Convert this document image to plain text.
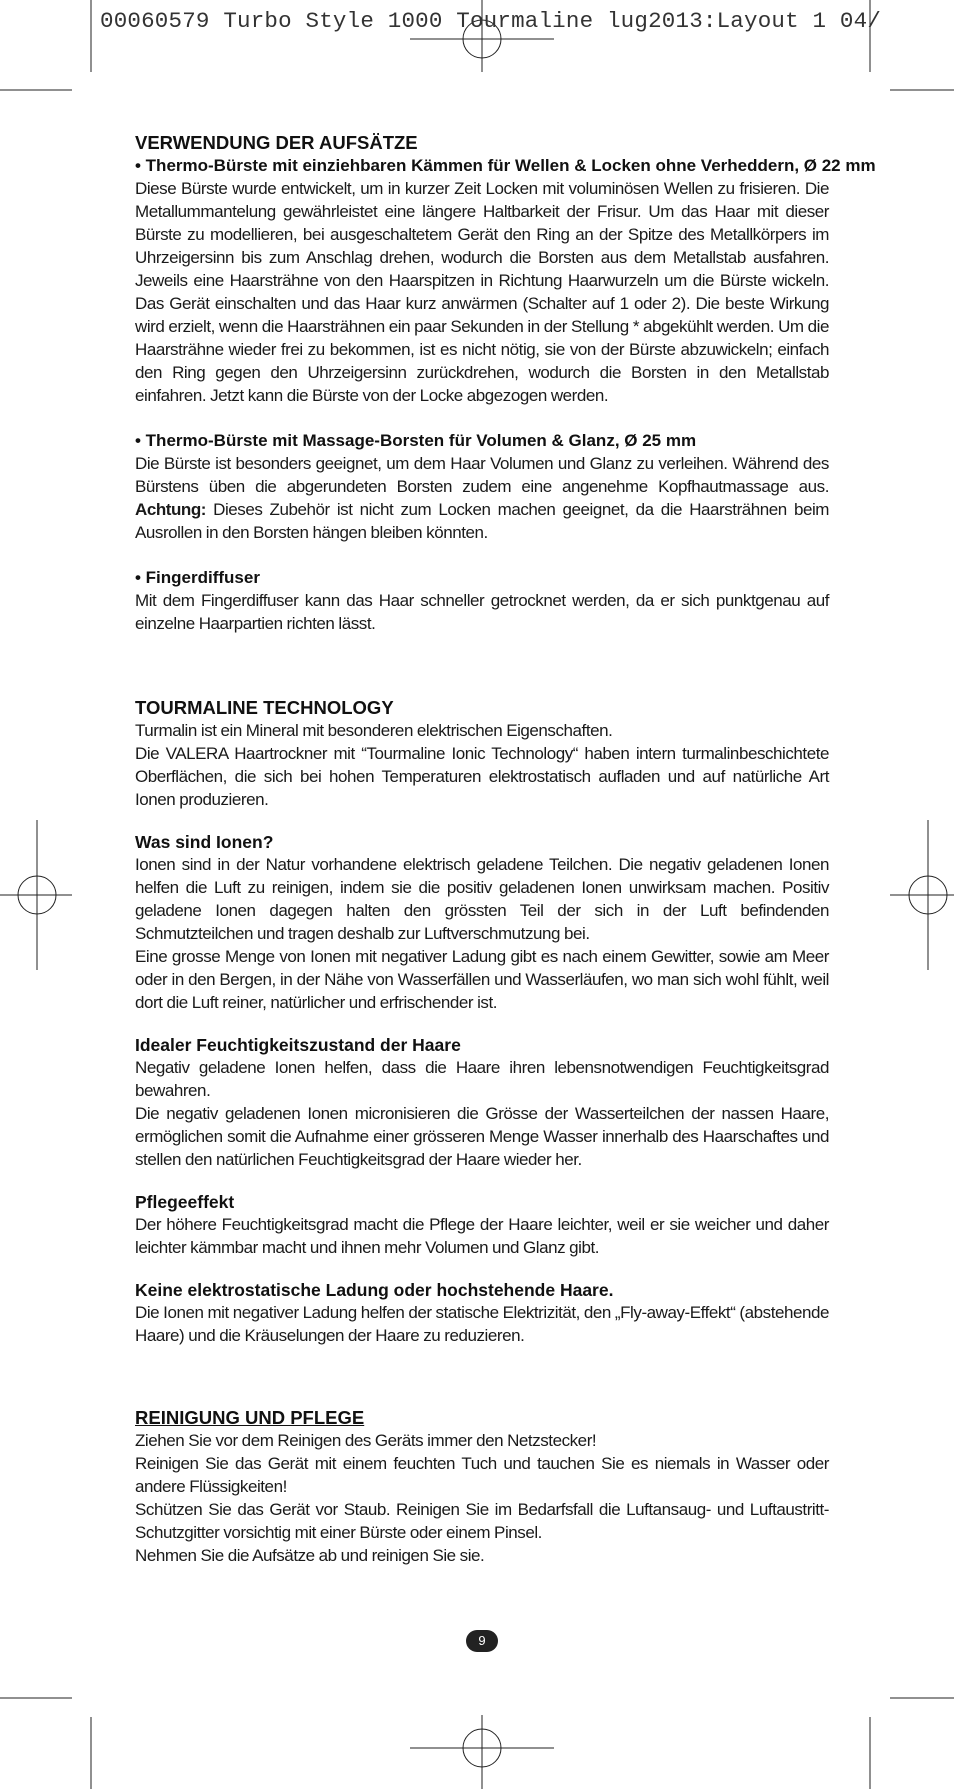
00060579 Turbo Style 1000 Tourmaline lug2013:Layout 1 04/
VERWENDUNG DER AUFSÄTZE
• Thermo-Bürste mit einziehbaren Kämmen für Wellen & Locken ohne Verheddern, Ø 22 mm

Diese Bürste wurde entwickelt, um in kurzer Zeit Locken mit voluminösen Wellen zu frisieren. Die Metallummantelung gewährleistet eine längere Haltbarkeit der Frisur. Um das Haar mit dieser Bürste zu modellieren, bei ausgeschaltetem Gerät den Ring an der Spitze des Metallkörpers im Uhrzeigersinn bis zum Anschlag drehen, wodurch die Borsten aus dem Metallstab ausfahren. Jeweils eine Haarsträhne von den Haarspitzen in Richtung Haarwurzeln um die Bürste wickeln. Das Gerät einschalten und das Haar kurz anwärmen (Schalter auf 1 oder 2). Die beste Wirkung wird erzielt, wenn die Haarsträhnen ein paar Sekunden in der Stellung * abgekühlt werden. Um die Haarsträhne wieder frei zu bekommen, ist es nicht nötig, sie von der Bürste abzuwickeln; einfach den Ring gegen den Uhrzeigersinn zurückdrehen, wodurch die Borsten in den Metallstab einfahren. Jetzt kann die Bürste von der Locke abgezogen werden.

• Thermo-Bürste mit Massage-Borsten für Volumen & Glanz, Ø 25 mm

Die Bürste ist besonders geeignet, um dem Haar Volumen und Glanz zu verleihen. Während des Bürstens üben die abgerundeten Borsten zudem eine angenehme Kopfhautmassage aus. Achtung: Dieses Zubehör ist nicht zum Locken machen geeignet, da die Haarsträhnen beim Ausrollen in den Borsten hängen bleiben könnten.

• Fingerdiffuser

Mit dem Fingerdiffuser kann das Haar schneller getrocknet werden, da er sich punktgenau auf einzelne Haarpartien richten lässt.

TOURMALINE TECHNOLOGY

Turmalin ist ein Mineral mit besonderen elektrischen Eigenschaften.

Die VALERA Haartrockner mit “Tourmaline Ionic Technology“ haben intern turmalinbeschichtete Oberflächen, die sich bei hohen Temperaturen elektrostatisch aufladen und auf natürliche Art Ionen produzieren.

Was sind Ionen?

Ionen sind in der Natur vorhandene elektrisch geladene Teilchen. Die negativ geladenen Ionen helfen die Luft zu reinigen, indem sie die positiv geladenen Ionen unwirksam machen. Positiv geladene Ionen dagegen halten den grössten Teil der sich in der Luft befindenden Schmutzteilchen und tragen deshalb zur Luftverschmutzung bei.

Eine grosse Menge von Ionen mit negativer Ladung gibt es nach einem Gewitter, sowie am Meer oder in den Bergen, in der Nähe von Wasserfällen und Wasserläufen, wo man sich wohl fühlt, weil dort die Luft reiner, natürlicher und erfrischender ist.

Idealer Feuchtigkeitszustand der Haare

Negativ geladene Ionen helfen, dass die Haare ihren lebensnotwendigen Feuchtigkeitsgrad bewahren.

Die negativ geladenen Ionen micronisieren die Grösse der Wasserteilchen der nassen Haare, ermöglichen somit die Aufnahme einer grösseren Menge Wasser innerhalb des Haarschaftes und stellen den natürlichen Feuchtigkeitsgrad der Haare wieder her.

Pflegeeffekt

Der höhere Feuchtigkeitsgrad macht die Pflege der Haare leichter, weil er sie weicher und daher leichter kämmbar macht und ihnen mehr Volumen und Glanz gibt.

Keine elektrostatische Ladung oder hochstehende Haare.

Die Ionen mit negativer Ladung helfen der statische Elektrizität, den „Fly-away-Effekt“ (abstehende Haare) und die Kräuselungen der Haare zu reduzieren.

REINIGUNG UND PFLEGE

Ziehen Sie vor dem Reinigen des Geräts immer den Netzstecker!

Reinigen Sie das Gerät mit einem feuchten Tuch und tauchen Sie es niemals in Wasser oder andere Flüssigkeiten!

Schützen Sie das Gerät vor Staub. Reinigen Sie im Bedarfsfall die Luftansaug- und Luftaustritt-Schutzgitter vorsichtig mit einer Bürste oder einem Pinsel.

Nehmen Sie die Aufsätze ab und reinigen Sie sie.

9
